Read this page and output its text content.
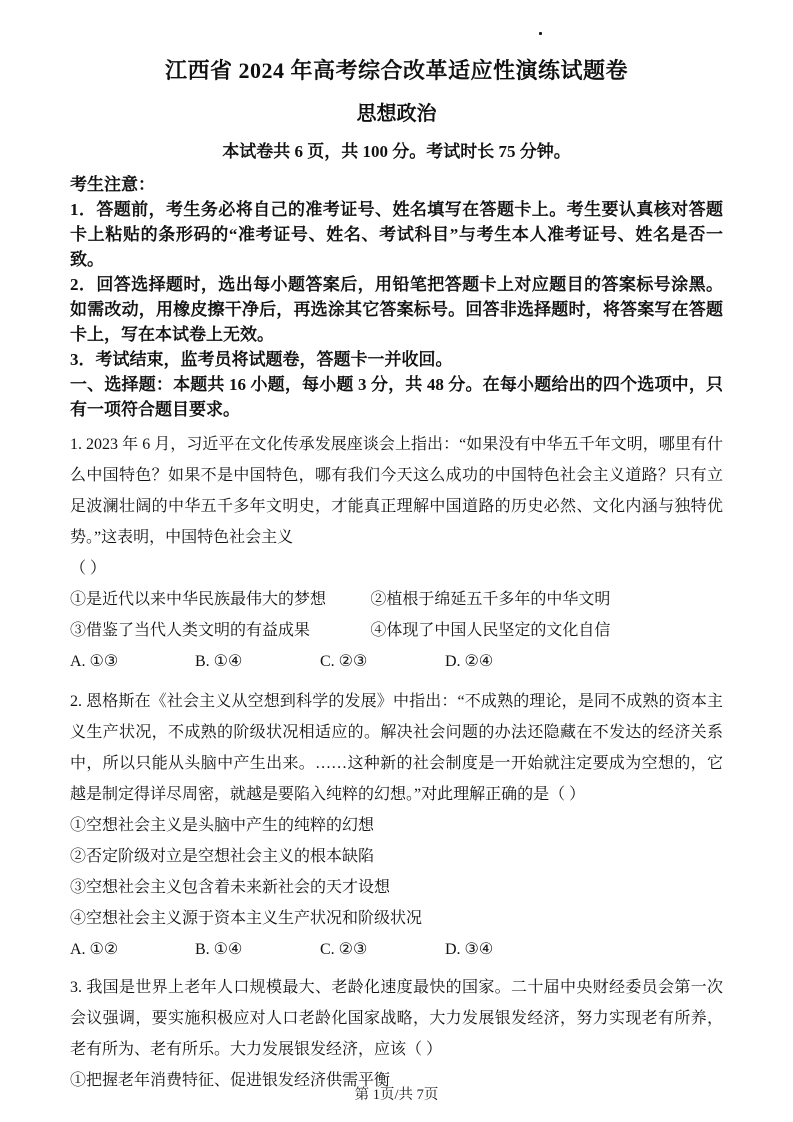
江西省 2024 年高考综合改革适应性演练试题卷
思想政治

本试卷共 6 页，共 100 分。考试时长 75 分钟。

考生注意：

1．答题前，考生务必将自己的准考证号、姓名填写在答题卡上。考生要认真核对答题卡上粘贴的条形码的“准考证号、姓名、考试科目”与考生本人准考证号、姓名是否一致。

2．回答选择题时，选出每小题答案后，用铅笔把答题卡上对应题目的答案标号涂黑。如需改动，用橡皮擦干净后，再选涂其它答案标号。回答非选择题时，将答案写在答题卡上，写在本试卷上无效。

3．考试结束，监考员将试题卷，答题卡一并收回。

一、选择题：本题共 16 小题，每小题 3 分，共 48 分。在每小题给出的四个选项中，只有一项符合题目要求。

1. 2023 年 6 月，习近平在文化传承发展座谈会上指出：“如果没有中华五千年文明，哪里有什么中国特色？如果不是中国特色，哪有我们今天这么成功的中国特色社会主义道路？只有立足波澜壮阔的中华五千多年文明史，才能真正理解中国道路的历史必然、文化内涵与独特优势。”这表明，中国特色社会主义

（ ）

①是近代以来中华民族最伟大的梦想	②植根于绵延五千多年的中华文明
③借鉴了当代人类文明的有益成果	④体现了中国人民坚定的文化自信
A. ①③	B. ①④	C. ②③	D. ②④

2. 恩格斯在《社会主义从空想到科学的发展》中指出：“不成熟的理论，是同不成熟的资本主义生产状况，不成熟的阶级状况相适应的。解决社会问题的办法还隐藏在不发达的经济关系中，所以只能从头脑中产生出来。……这种新的社会制度是一开始就注定要成为空想的，它越是制定得详尽周密，就越是要陷入纯粹的幻想。”对此理解正确的是（ ）

①空想社会主义是头脑中产生的纯粹的幻想

②否定阶级对立是空想社会主义的根本缺陷

③空想社会主义包含着未来新社会的天才设想

④空想社会主义源于资本主义生产状况和阶级状况

A. ①②	B. ①④	C. ②③	D. ③④

3. 我国是世界上老年人口规模最大、老龄化速度最快的国家。二十届中央财经委员会第一次会议强调，要实施积极应对人口老龄化国家战略，大力发展银发经济，努力实现老有所养，老有所为、老有所乐。大力发展银发经济，应该（ ）

①把握老年消费特征、促进银发经济供需平衡

第 1页/共 7页
